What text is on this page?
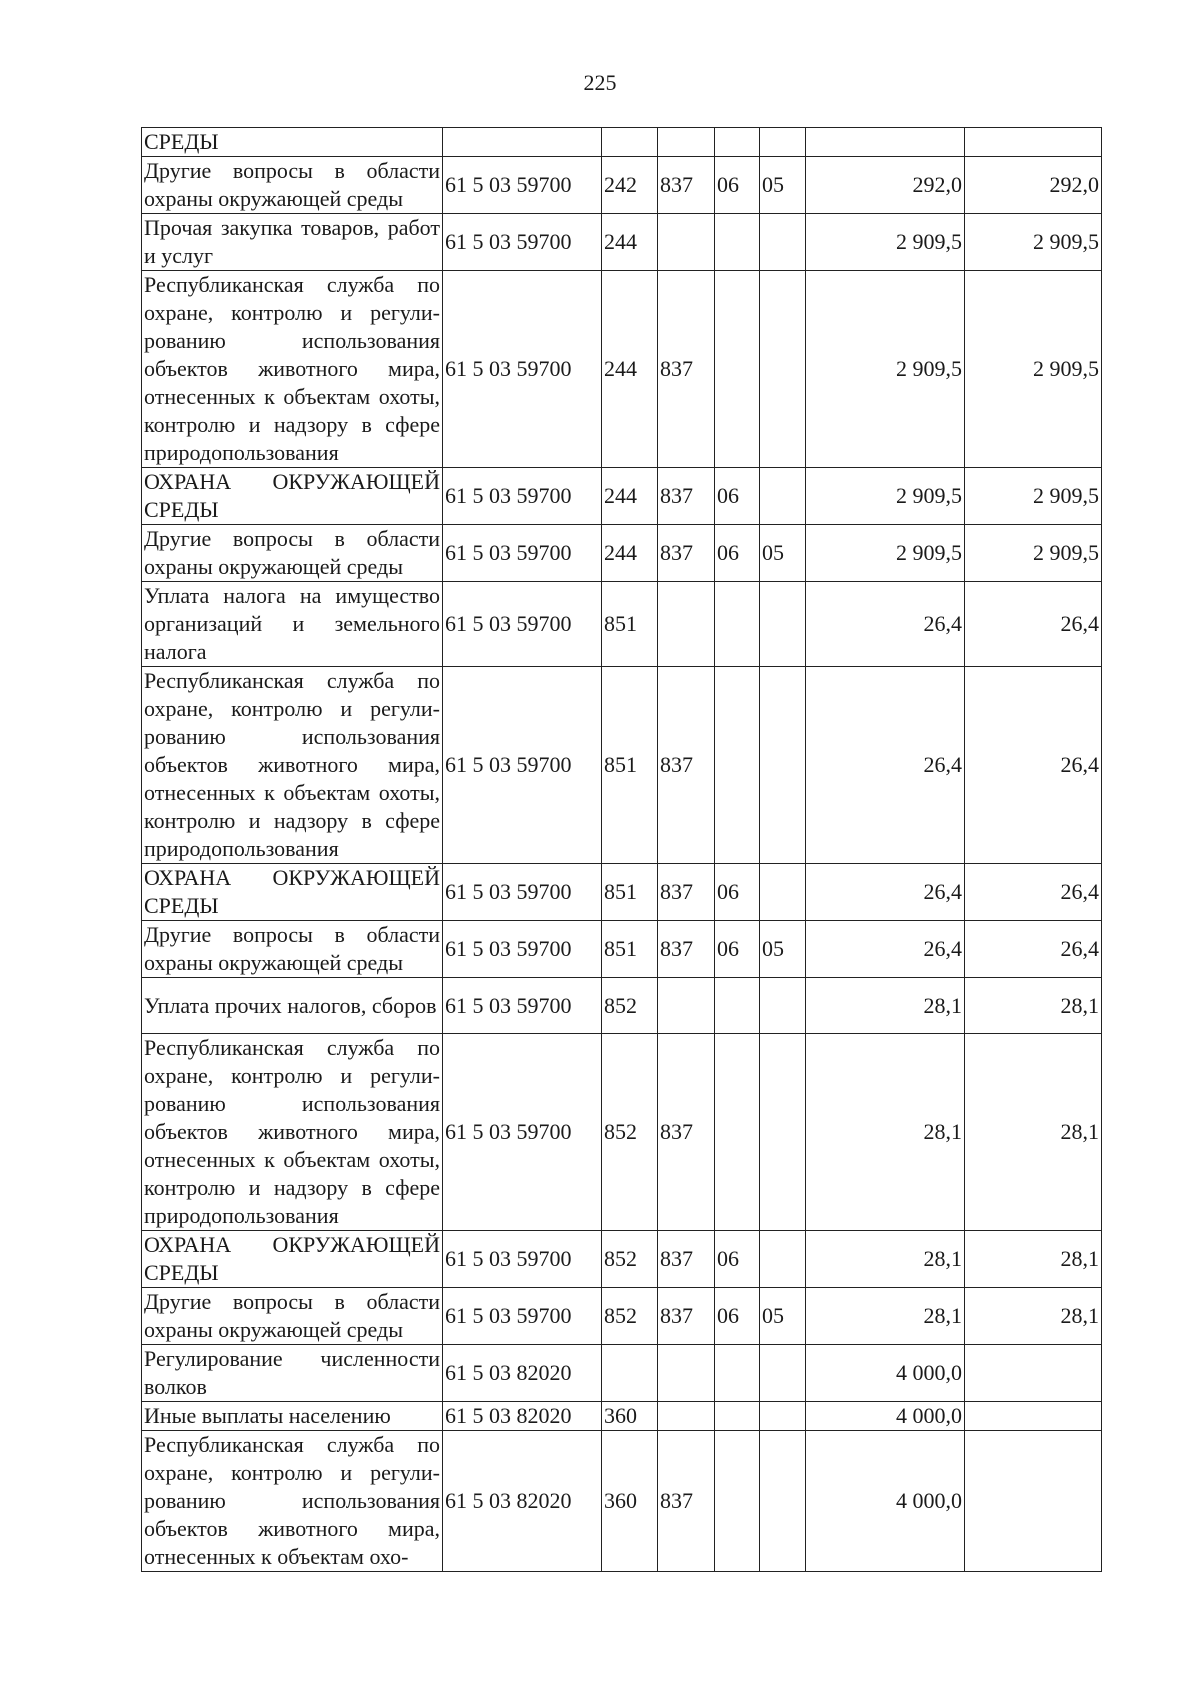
225
СРЕДЫ							
Другие вопросы в области охраны окружающей среды	61 5 03 59700	242	837	06	05	292,0	292,0
Прочая закупка товаров, работ и услуг	61 5 03 59700	244				2 909,5	2 909,5
Республиканская служба по охране, контролю и регулированию использования объектов животного мира, отнесенных к объектам охоты, контролю и надзору в сфере природопользования	61 5 03 59700	244	837			2 909,5	2 909,5
ОХРАНА ОКРУЖАЮЩЕЙ СРЕДЫ	61 5 03 59700	244	837	06		2 909,5	2 909,5
Другие вопросы в области охраны окружающей среды	61 5 03 59700	244	837	06	05	2 909,5	2 909,5
Уплата налога на имущество организаций и земельного налога	61 5 03 59700	851				26,4	26,4
Республиканская служба по охране, контролю и регулированию использования объектов животного мира, отнесенных к объектам охоты, контролю и надзору в сфере природопользования	61 5 03 59700	851	837			26,4	26,4
ОХРАНА ОКРУЖАЮЩЕЙ СРЕДЫ	61 5 03 59700	851	837	06		26,4	26,4
Другие вопросы в области охраны окружающей среды	61 5 03 59700	851	837	06	05	26,4	26,4
Уплата прочих налогов, сборов	61 5 03 59700	852				28,1	28,1
Республиканская служба по охране, контролю и регулированию использования объектов животного мира, отнесенных к объектам охоты, контролю и надзору в сфере природопользования	61 5 03 59700	852	837			28,1	28,1
ОХРАНА ОКРУЖАЮЩЕЙ СРЕДЫ	61 5 03 59700	852	837	06		28,1	28,1
Другие вопросы в области охраны окружающей среды	61 5 03 59700	852	837	06	05	28,1	28,1
Регулирование численности волков	61 5 03 82020					4 000,0	
Иные выплаты населению	61 5 03 82020	360				4 000,0	
Республиканская служба по охране, контролю и регулированию использования объектов животного мира, отнесенных к объектам охо-	61 5 03 82020	360	837			4 000,0	
